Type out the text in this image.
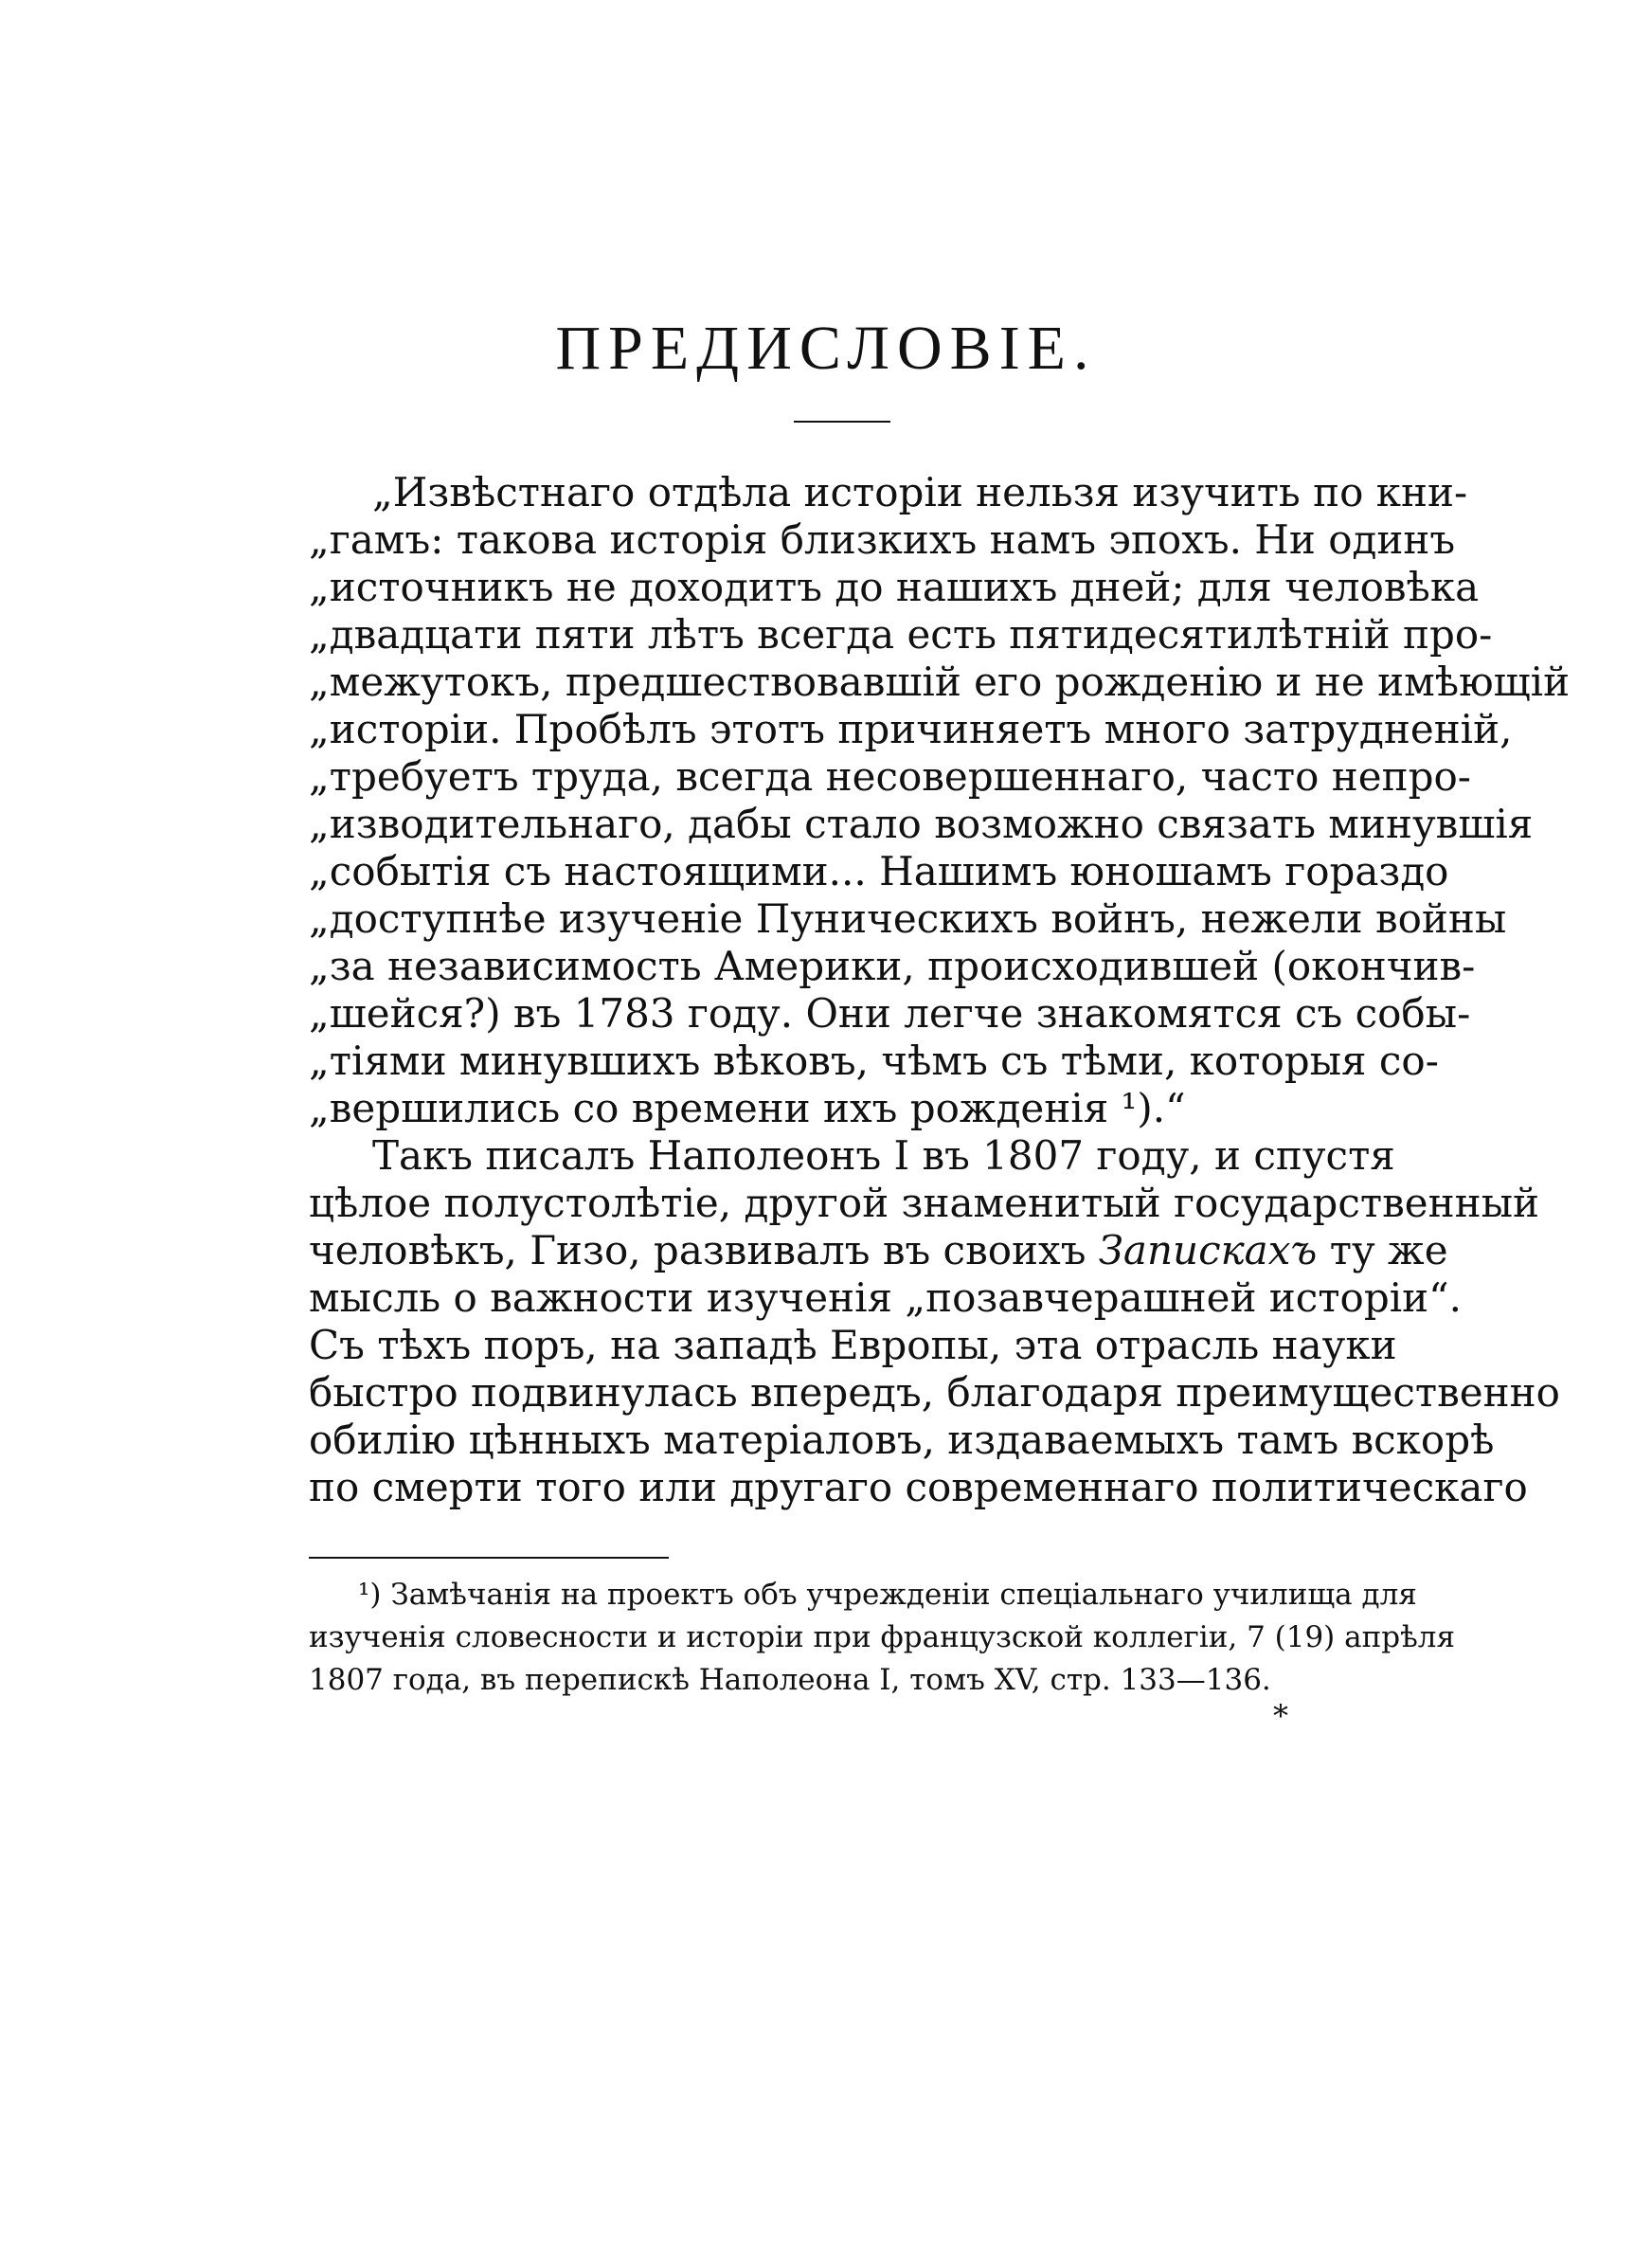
ПРЕДИСЛОВІЕ.
„Извѣстнаго отдѣла исторіи нельзя изучить по кни-
„гамъ: такова исторія близкихъ намъ эпохъ. Ни одинъ
„источникъ не доходитъ до нашихъ дней; для человѣка
„двадцати пяти лѣтъ всегда есть пятидесятилѣтній про-
„межутокъ, предшествовавшій его рожденію и не имѣющій
„исторіи. Пробѣлъ этотъ причиняетъ много затрудненій,
„требуетъ труда, всегда несовершеннаго, часто непро-
„изводительнаго, дабы стало возможно связать минувшія
„событія съ настоящими... Нашимъ юношамъ гораздо
„доступнѣе изученіе Пуническихъ войнъ, нежели войны
„за независимость Америки, происходившей (окончив-
„шейся?) въ 1783 году. Они легче знакомятся съ собы-
„тіями минувшихъ вѣковъ, чѣмъ съ тѣми, которыя со-
„вершились со времени ихъ рожденія ¹).“
Такъ писалъ Наполеонъ I въ 1807 году, и спустя
цѣлое полустолѣтіе, другой знаменитый государственный
человѣкъ, Гизо, развивалъ въ своихъ Запискахъ ту же
мысль о важности изученія „позавчерашней исторіи“.
Съ тѣхъ поръ, на западѣ Европы, эта отрасль науки
быстро подвинулась впередъ, благодаря преимущественно
обилію цѣнныхъ матеріаловъ, издаваемыхъ тамъ вскорѣ
по смерти того или другаго современнаго политическаго
¹) Замѣчанія на проектъ объ учрежденіи спеціальнаго училища для
изученія словесности и исторіи при французской коллегіи, 7 (19) апрѣля
1807 года, въ перепискѣ Наполеона I, томъ XV, стр. 133—136.
*
